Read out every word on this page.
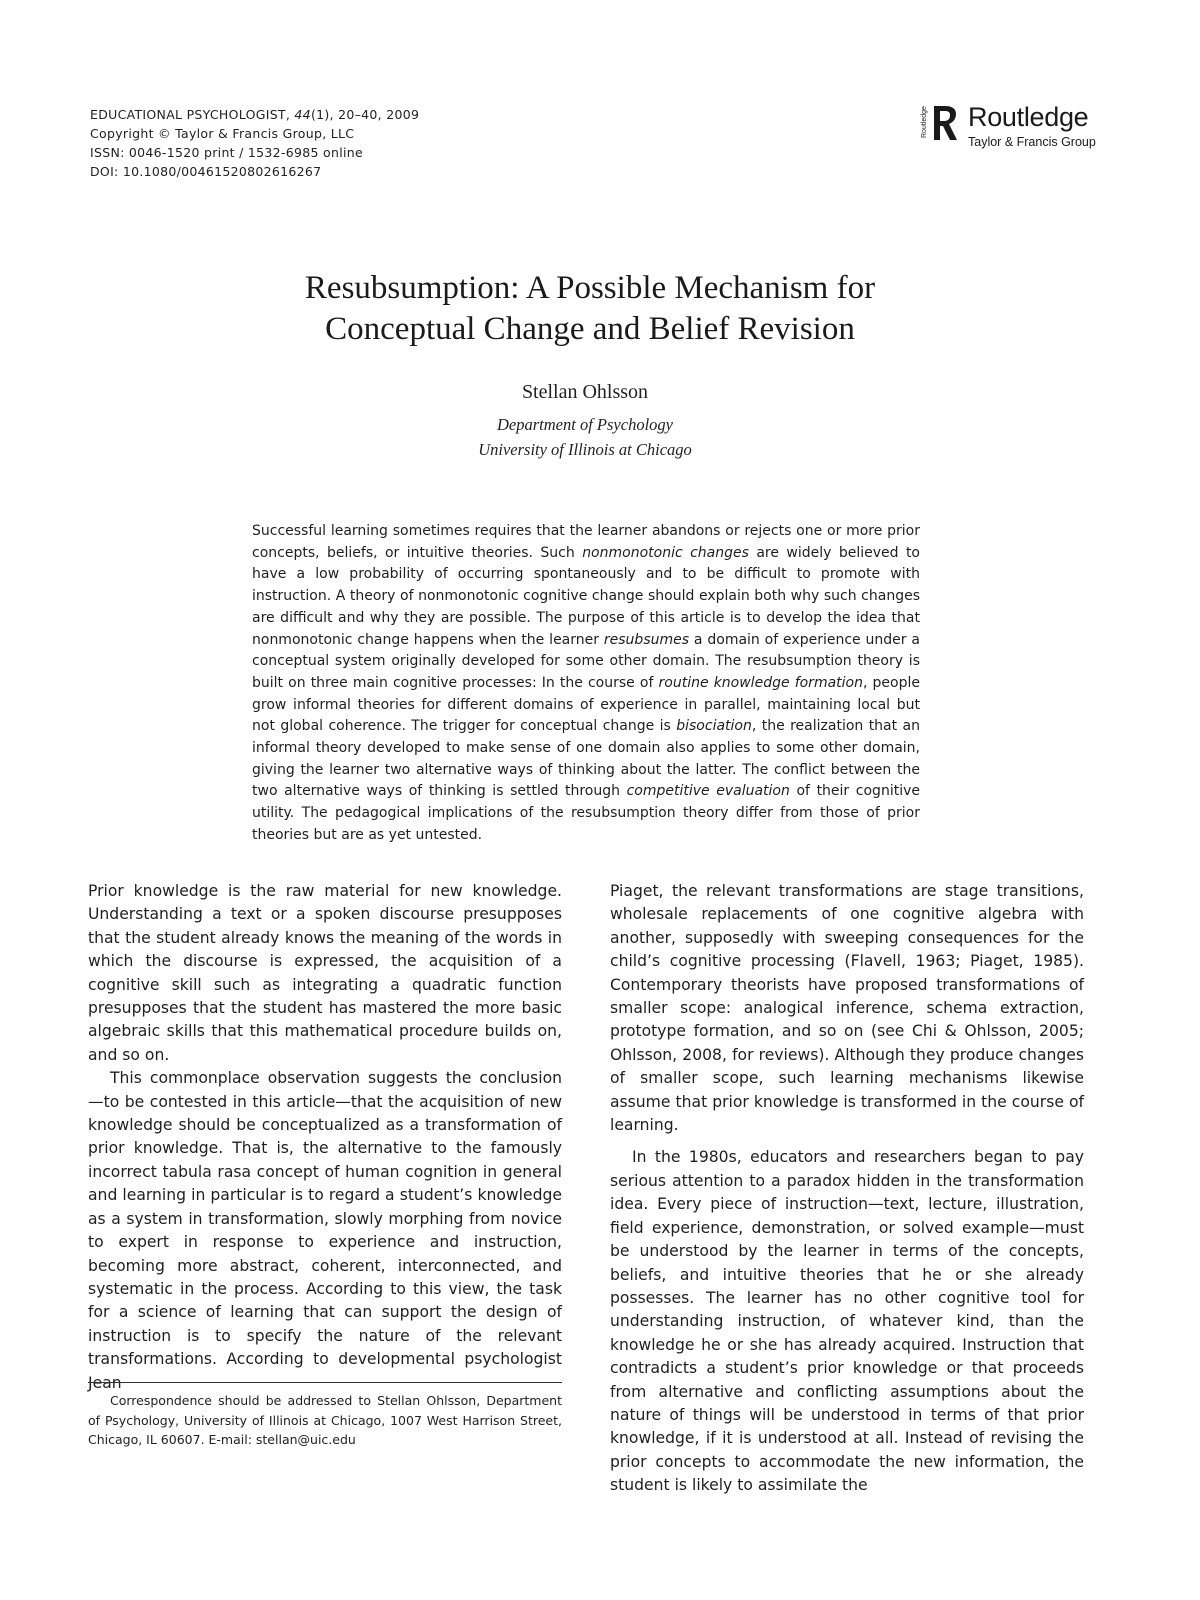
EDUCATIONAL PSYCHOLOGIST, 44(1), 20–40, 2009
Copyright © Taylor & Francis Group, LLC
ISSN: 0046-1520 print / 1532-6985 online
DOI: 10.1080/00461520802616267
Routledge Routledge
Taylor & Francis Group
Resubsumption: A Possible Mechanism for
Conceptual Change and Belief Revision
Stellan Ohlsson
Department of Psychology
University of Illinois at Chicago
Successful learning sometimes requires that the learner abandons or rejects one or more prior concepts, beliefs, or intuitive theories. Such nonmonotonic changes are widely believed to have a low probability of occurring spontaneously and to be difficult to promote with instruction. A theory of nonmonotonic cognitive change should explain both why such changes are difficult and why they are possible. The purpose of this article is to develop the idea that nonmonotonic change happens when the learner resubsumes a domain of experience under a conceptual system originally developed for some other domain. The resubsumption theory is built on three main cognitive processes: In the course of routine knowledge formation, people grow informal theories for different domains of experience in parallel, maintaining local but not global coherence. The trigger for conceptual change is bisociation, the realization that an informal theory developed to make sense of one domain also applies to some other domain, giving the learner two alternative ways of thinking about the latter. The conflict between the two alternative ways of thinking is settled through competitive evaluation of their cognitive utility. The pedagogical implications of the resubsumption theory differ from those of prior theories but are as yet untested.

Prior knowledge is the raw material for new knowledge. Understanding a text or a spoken discourse presupposes that the student already knows the meaning of the words in which the discourse is expressed, the acquisition of a cognitive skill such as integrating a quadratic function presupposes that the student has mastered the more basic algebraic skills that this mathematical procedure builds on, and so on.

This commonplace observation suggests the conclusion—to be contested in this article—that the acquisition of new knowledge should be conceptualized as a transformation of prior knowledge. That is, the alternative to the famously incorrect tabula rasa concept of human cognition in general and learning in particular is to regard a student’s knowledge as a system in transformation, slowly morphing from novice to expert in response to experience and instruction, becoming more abstract, coherent, interconnected, and systematic in the process. According to this view, the task for a science of learning that can support the design of instruction is to specify the nature of the relevant transformations. According to developmental psychologist Jean

Piaget, the relevant transformations are stage transitions, wholesale replacements of one cognitive algebra with another, supposedly with sweeping consequences for the child’s cognitive processing (Flavell, 1963; Piaget, 1985). Contemporary theorists have proposed transformations of smaller scope: analogical inference, schema extraction, prototype formation, and so on (see Chi & Ohlsson, 2005; Ohlsson, 2008, for reviews). Although they produce changes of smaller scope, such learning mechanisms likewise assume that prior knowledge is transformed in the course of learning.

In the 1980s, educators and researchers began to pay serious attention to a paradox hidden in the transformation idea. Every piece of instruction—text, lecture, illustration, field experience, demonstration, or solved example—must be understood by the learner in terms of the concepts, beliefs, and intuitive theories that he or she already possesses. The learner has no other cognitive tool for understanding instruction, of whatever kind, than the knowledge he or she has already acquired. Instruction that contradicts a student’s prior knowledge or that proceeds from alternative and conflicting assumptions about the nature of things will be understood in terms of that prior knowledge, if it is understood at all. Instead of revising the prior concepts to accommodate the new information, the student is likely to assimilate the

Correspondence should be addressed to Stellan Ohlsson, Department of Psychology, University of Illinois at Chicago, 1007 West Harrison Street, Chicago, IL 60607. E-mail: stellan@uic.edu
